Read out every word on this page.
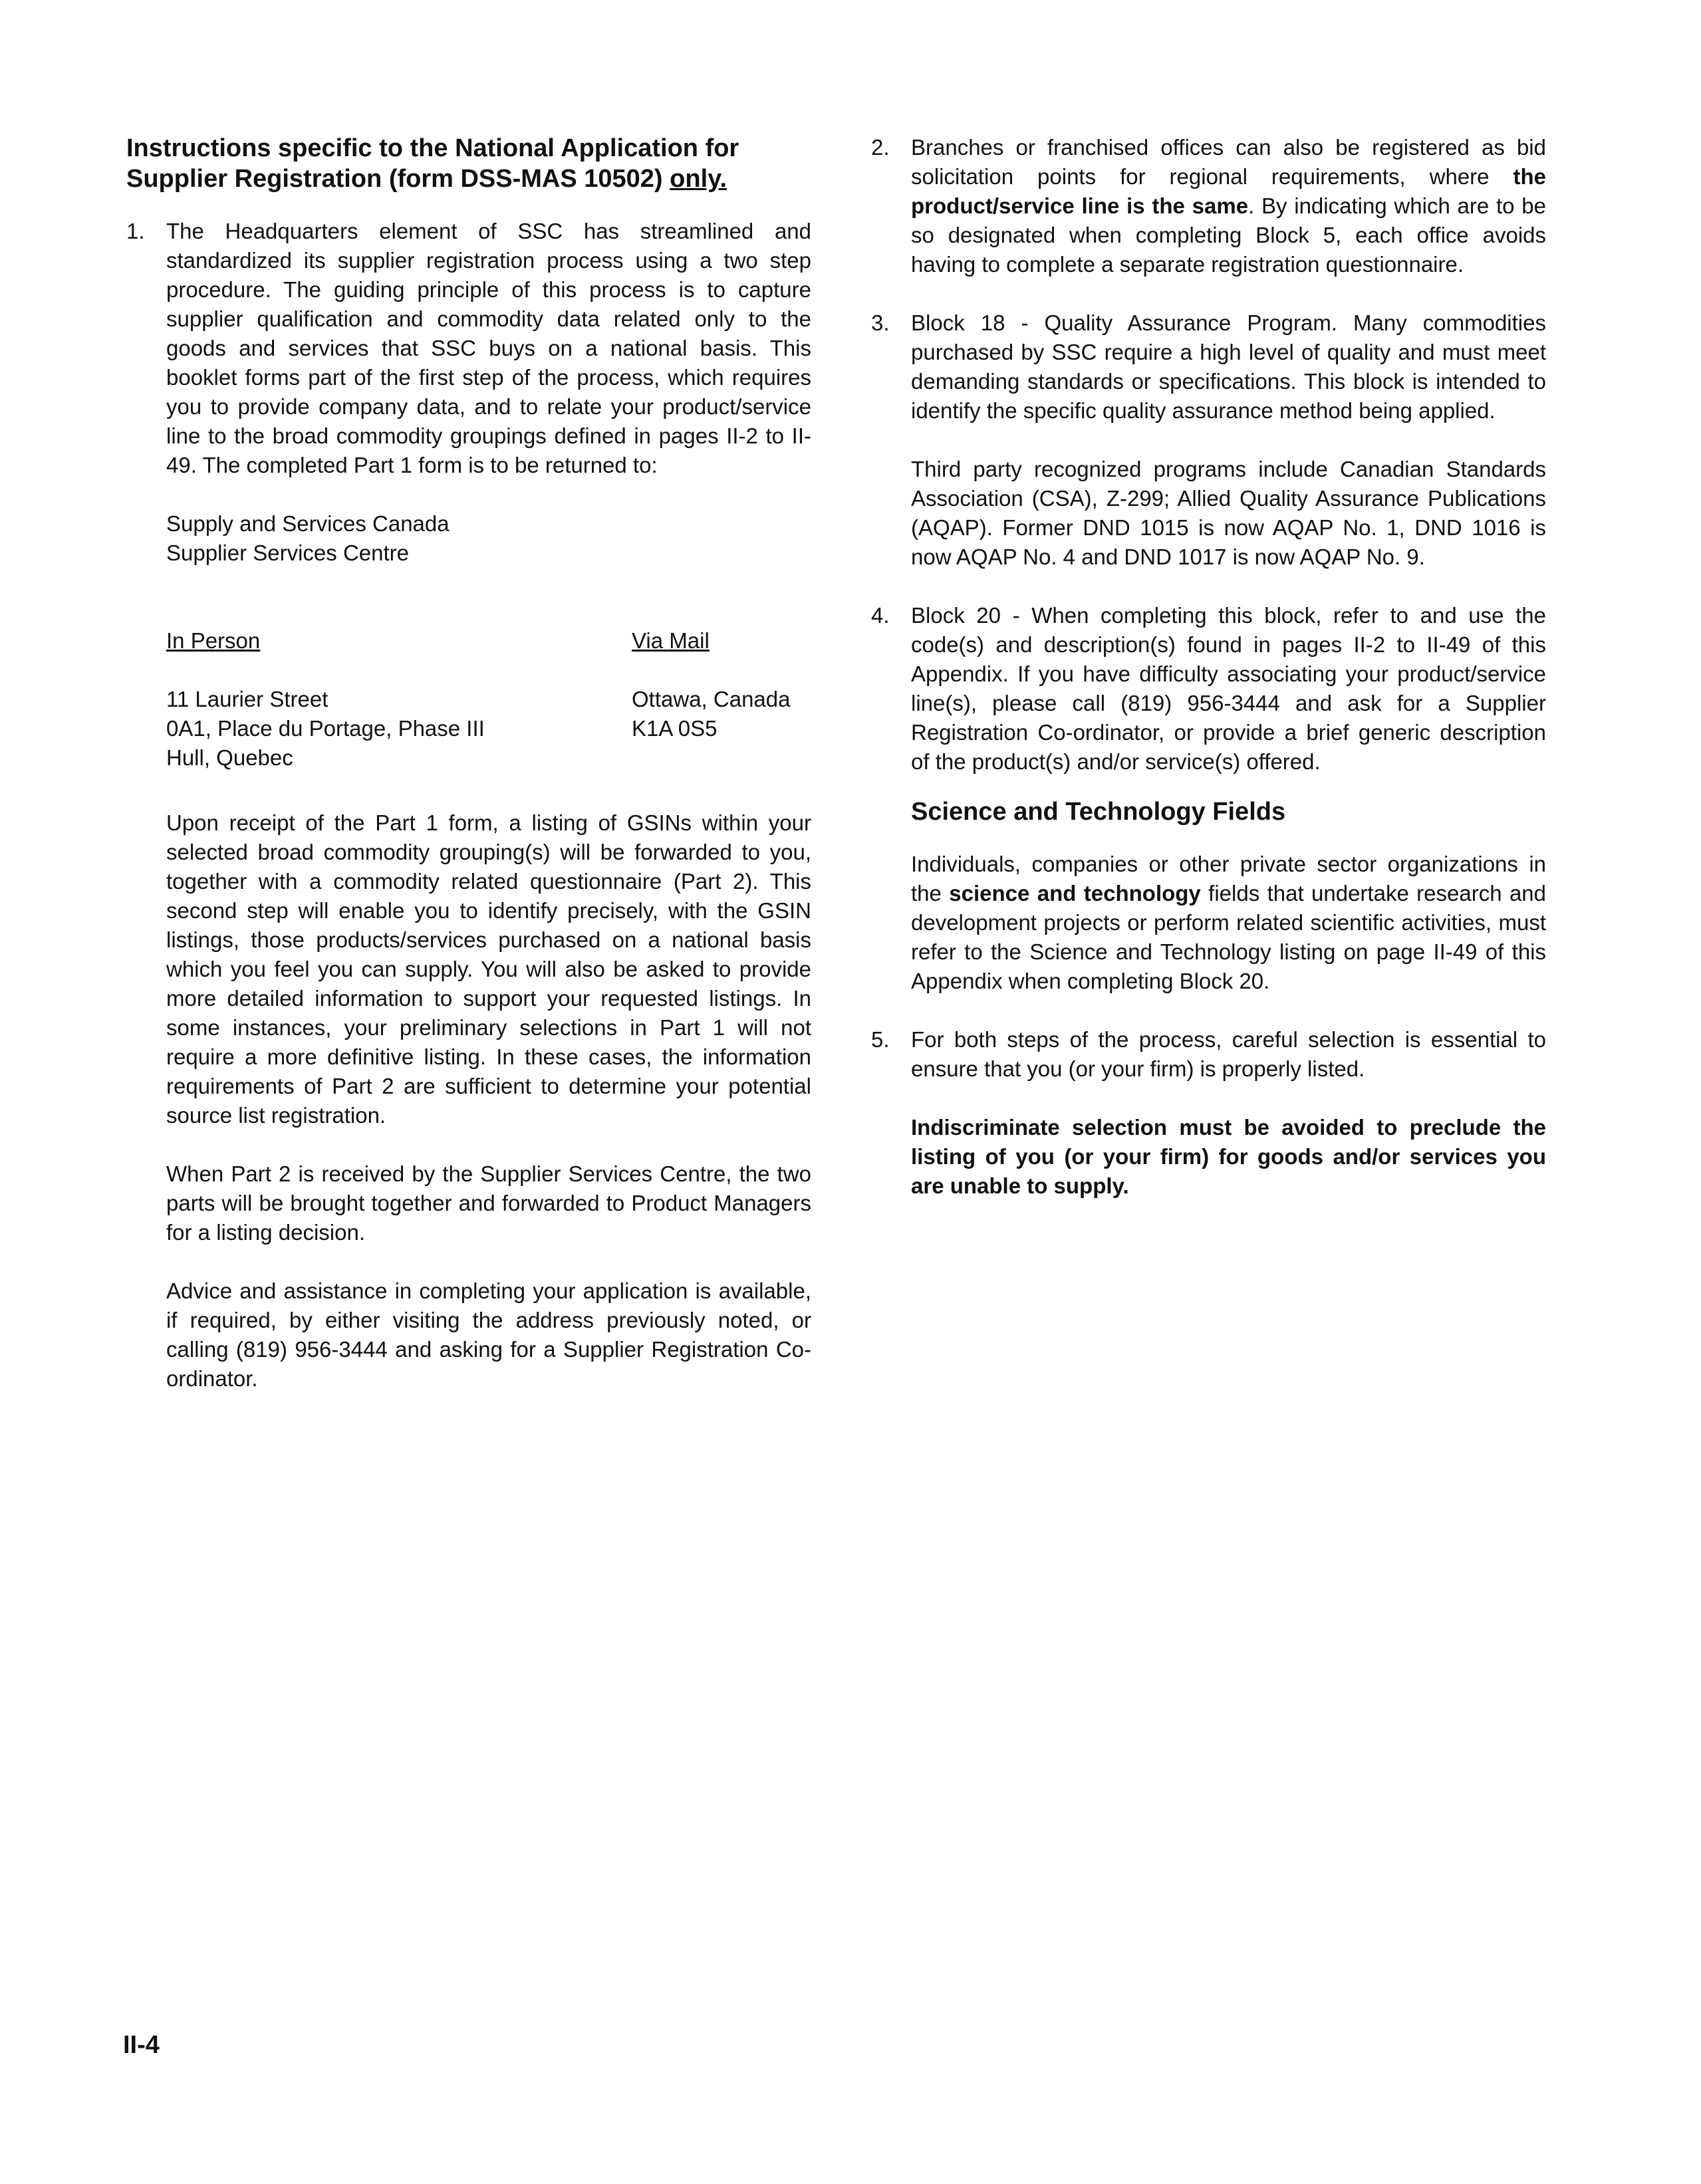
Instructions specific to the National Application for
Supplier Registration (form DSS-MAS 10502) only.
1. The Headquarters element of SSC has streamlined and standardized its supplier registration process using a two step procedure. The guiding principle of this process is to capture supplier qualification and commodity data related only to the goods and services that SSC buys on a national basis. This booklet forms part of the first step of the process, which requires you to provide company data, and to relate your product/service line to the broad commodity groupings defined in pages II-2 to II-49. The completed Part 1 form is to be returned to:

Supply and Services Canada
Supplier Services Centre
In Person	Via Mail
11 Laurier Street
0A1, Place du Portage, Phase III
Hull, Quebec
Ottawa, Canada
K1A 0S5

Upon receipt of the Part 1 form, a listing of GSINs within your selected broad commodity grouping(s) will be forwarded to you, together with a commodity related questionnaire (Part 2). This second step will enable you to identify precisely, with the GSIN listings, those products/services purchased on a national basis which you feel you can supply. You will also be asked to provide more detailed information to support your requested listings. In some instances, your preliminary selections in Part 1 will not require a more definitive listing. In these cases, the information requirements of Part 2 are sufficient to determine your potential source list registration.

When Part 2 is received by the Supplier Services Centre, the two parts will be brought together and forwarded to Product Managers for a listing decision.

Advice and assistance in completing your application is available, if required, by either visiting the address previously noted, or calling (819) 956-3444 and asking for a Supplier Registration Co-ordinator.

2. Branches or franchised offices can also be registered as bid solicitation points for regional requirements, where the product/service line is the same. By indicating which are to be so designated when completing Block 5, each office avoids having to complete a separate registration questionnaire.

3. Block 18 - Quality Assurance Program. Many commodities purchased by SSC require a high level of quality and must meet demanding standards or specifications. This block is intended to identify the specific quality assurance method being applied.

Third party recognized programs include Canadian Standards Association (CSA), Z-299; Allied Quality Assurance Publications (AQAP). Former DND 1015 is now AQAP No. 1, DND 1016 is now AQAP No. 4 and DND 1017 is now AQAP No. 9.

4. Block 20 - When completing this block, refer to and use the code(s) and description(s) found in pages II-2 to II-49 of this Appendix. If you have difficulty associating your product/service line(s), please call (819) 956-3444 and ask for a Supplier Registration Co-ordinator, or provide a brief generic description of the product(s) and/or service(s) offered.

Science and Technology Fields

Individuals, companies or other private sector organizations in the science and technology fields that undertake research and development projects or perform related scientific activities, must refer to the Science and Technology listing on page II-49 of this Appendix when completing Block 20.

5. For both steps of the process, careful selection is essential to ensure that you (or your firm) is properly listed.

Indiscriminate selection must be avoided to preclude the listing of you (or your firm) for goods and/or services you are unable to supply.

II-4
